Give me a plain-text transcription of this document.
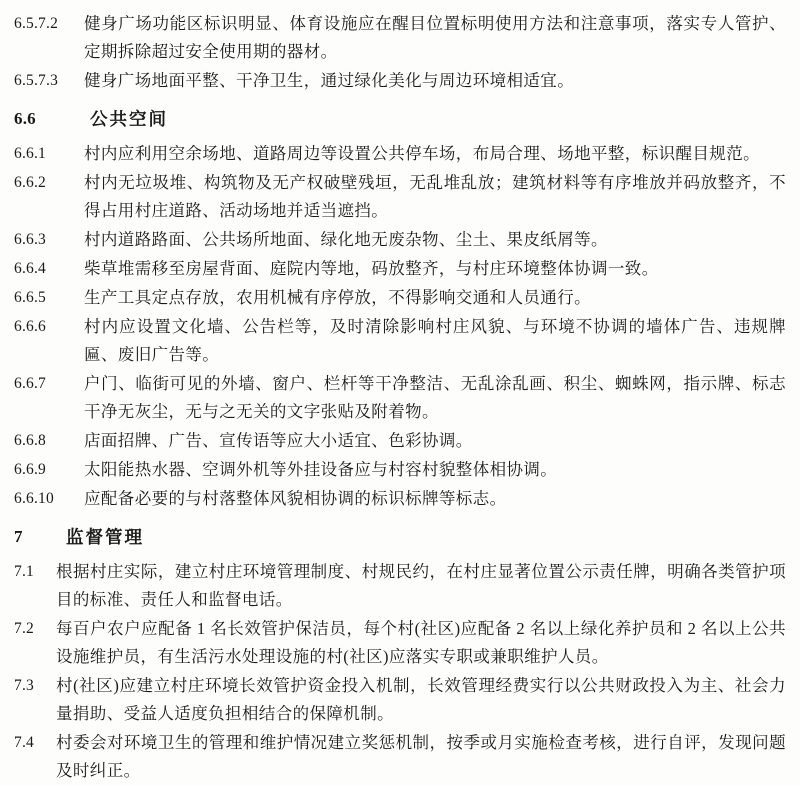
6.5.7.2	健身广场功能区标识明显、体育设施应在醒目位置标明使用方法和注意事项，落实专人管护、定期拆除超过安全使用期的器材。
6.5.7.3	健身广场地面平整、干净卫生，通过绿化美化与周边环境相适宜。
6.6	公共空间
6.6.1	村内应利用空余场地、道路周边等设置公共停车场，布局合理、场地平整，标识醒目规范。
6.6.2	村内无垃圾堆、构筑物及无产权破壁残垣，无乱堆乱放；建筑材料等有序堆放并码放整齐，不得占用村庄道路、活动场地并适当遮挡。
6.6.3	村内道路路面、公共场所地面、绿化地无废杂物、尘土、果皮纸屑等。
6.6.4	柴草堆需移至房屋背面、庭院内等地，码放整齐，与村庄环境整体协调一致。
6.6.5	生产工具定点存放，农用机械有序停放，不得影响交通和人员通行。
6.6.6	村内应设置文化墙、公告栏等，及时清除影响村庄风貌、与环境不协调的墙体广告、违规牌匾、废旧广告等。
6.6.7	户门、临街可见的外墙、窗户、栏杆等干净整洁、无乱涂乱画、积尘、蜘蛛网，指示牌、标志干净无灰尘，无与之无关的文字张贴及附着物。
6.6.8	店面招牌、广告、宣传语等应大小适宜、色彩协调。
6.6.9	太阳能热水器、空调外机等外挂设备应与村容村貌整体相协调。
6.6.10	应配备必要的与村落整体风貌相协调的标识标牌等标志。
7	监督管理
7.1	根据村庄实际，建立村庄环境管理制度、村规民约，在村庄显著位置公示责任牌，明确各类管护项目的标准、责任人和监督电话。
7.2	每百户农户应配备 1 名长效管护保洁员，每个村(社区)应配备 2 名以上绿化养护员和 2 名以上公共设施维护员，有生活污水处理设施的村(社区)应落实专职或兼职维护人员。
7.3	村(社区)应建立村庄环境长效管护资金投入机制，长效管理经费实行以公共财政投入为主、社会力量捐助、受益人适度负担相结合的保障机制。
7.4	村委会对环境卫生的管理和维护情况建立奖惩机制，按季或月实施检查考核，进行自评，发现问题及时纠正。
